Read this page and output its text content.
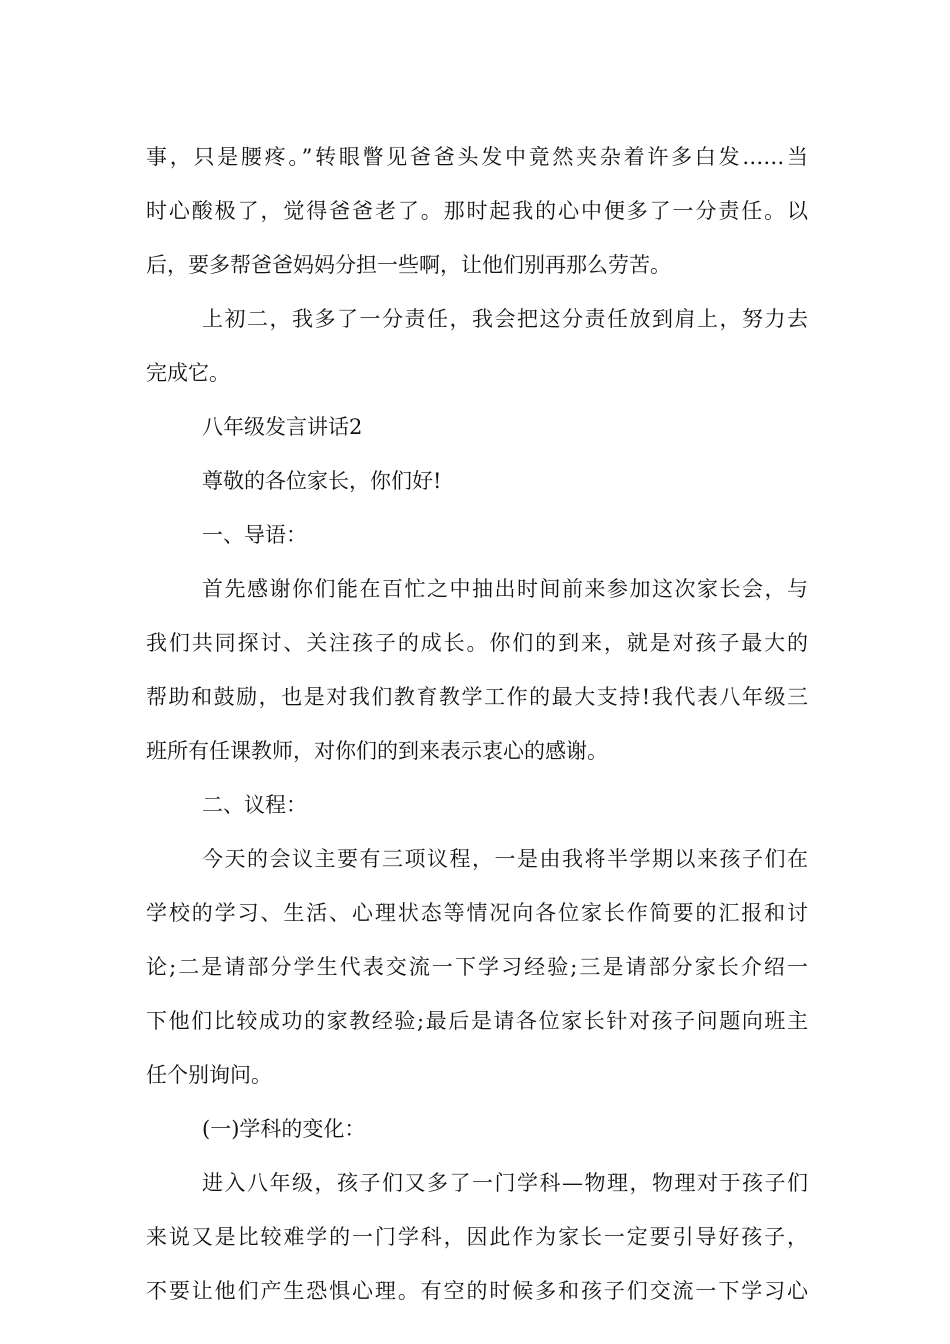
事，只是腰疼。”转眼瞥见爸爸头发中竟然夹杂着许多白发……当
时心酸极了，觉得爸爸老了。那时起我的心中便多了一分责任。以
后，要多帮爸爸妈妈分担一些啊，让他们别再那么劳苦。
上初二，我多了一分责任，我会把这分责任放到肩上，努力去
完成它。
八年级发言讲话2
尊敬的各位家长，你们好!
一、导语：
首先感谢你们能在百忙之中抽出时间前来参加这次家长会，与
我们共同探讨、关注孩子的成长。你们的到来，就是对孩子最大的
帮助和鼓励，也是对我们教育教学工作的最大支持!我代表八年级三
班所有任课教师，对你们的到来表示衷心的感谢。
二、议程：
今天的会议主要有三项议程，一是由我将半学期以来孩子们在
学校的学习、生活、心理状态等情况向各位家长作简要的汇报和讨
论;二是请部分学生代表交流一下学习经验;三是请部分家长介绍一
下他们比较成功的家教经验;最后是请各位家长针对孩子问题向班主
任个别询问。
(一)学科的变化：
进入八年级，孩子们又多了一门学科—物理，物理对于孩子们
来说又是比较难学的一门学科，因此作为家长一定要引导好孩子，
不要让他们产生恐惧心理。有空的时候多和孩子们交流一下学习心
